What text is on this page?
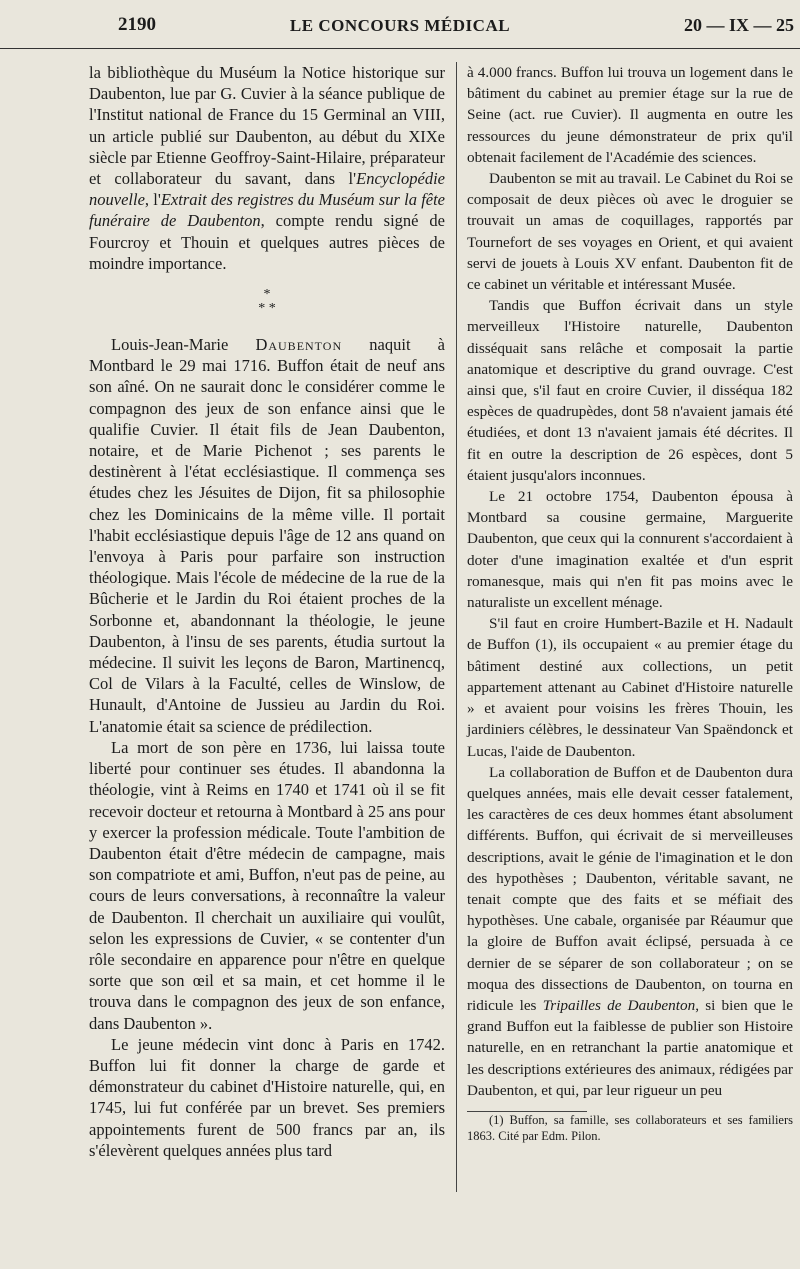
2190	LE CONCOURS MÉDICAL	20 — IX — 25

la bibliothèque du Muséum la Notice historique sur Daubenton, lue par G. Cuvier à la séance publique de l'Institut national de France du 15 Germinal an VIII, un article publié sur Daubenton, au début du XIXe siècle par Etienne Geoffroy-Saint-Hilaire, préparateur et collaborateur du savant, dans l'Encyclopédie nouvelle, l'Extrait des registres du Muséum sur la fête funéraire de Daubenton, compte rendu signé de Fourcroy et Thouin et quelques autres pièces de moindre importance.

*
* *

Louis-Jean-Marie Daubenton naquit à Montbard le 29 mai 1716. Buffon était de neuf ans son aîné. On ne saurait donc le considérer comme le compagnon des jeux de son enfance ainsi que le qualifie Cuvier. Il était fils de Jean Daubenton, notaire, et de Marie Pichenot ; ses parents le destinèrent à l'état ecclésiastique. Il commença ses études chez les Jésuites de Dijon, fit sa philosophie chez les Dominicains de la même ville. Il portait l'habit ecclésiastique depuis l'âge de 12 ans quand on l'envoya à Paris pour parfaire son instruction théologique. Mais l'école de médecine de la rue de la Bûcherie et le Jardin du Roi étaient proches de la Sorbonne et, abandonnant la théologie, le jeune Daubenton, à l'insu de ses parents, étudia surtout la médecine. Il suivit les leçons de Baron, Martinencq, Col de Vilars à la Faculté, celles de Winslow, de Hunault, d'Antoine de Jussieu au Jardin du Roi. L'anatomie était sa science de prédilection.

La mort de son père en 1736, lui laissa toute liberté pour continuer ses études. Il abandonna la théologie, vint à Reims en 1740 et 1741 où il se fit recevoir docteur et retourna à Montbard à 25 ans pour y exercer la profession médicale. Toute l'ambition de Daubenton était d'être médecin de campagne, mais son compatriote et ami, Buffon, n'eut pas de peine, au cours de leurs conversations, à reconnaître la valeur de Daubenton. Il cherchait un auxiliaire qui voulût, selon les expressions de Cuvier, « se contenter d'un rôle secondaire en apparence pour n'être en quelque sorte que son œil et sa main, et cet homme il le trouva dans le compagnon des jeux de son enfance, dans Daubenton ».

Le jeune médecin vint donc à Paris en 1742. Buffon lui fit donner la charge de garde et démonstrateur du cabinet d'Histoire naturelle, qui, en 1745, lui fut conférée par un brevet. Ses premiers appointements furent de 500 francs par an, ils s'élevèrent quelques années plus tard

à 4.000 francs. Buffon lui trouva un logement dans le bâtiment du cabinet au premier étage sur la rue de Seine (act. rue Cuvier). Il augmenta en outre les ressources du jeune démonstrateur de prix qu'il obtenait facilement de l'Académie des sciences.

Daubenton se mit au travail. Le Cabinet du Roi se composait de deux pièces où avec le droguier se trouvait un amas de coquillages, rapportés par Tournefort de ses voyages en Orient, et qui avaient servi de jouets à Louis XV enfant. Daubenton fit de ce cabinet un véritable et intéressant Musée.

Tandis que Buffon écrivait dans un style merveilleux l'Histoire naturelle, Daubenton disséquait sans relâche et composait la partie anatomique et descriptive du grand ouvrage. C'est ainsi que, s'il faut en croire Cuvier, il disséqua 182 espèces de quadrupèdes, dont 58 n'avaient jamais été étudiées, et dont 13 n'avaient jamais été décrites. Il fit en outre la description de 26 espèces, dont 5 étaient jusqu'alors inconnues.

Le 21 octobre 1754, Daubenton épousa à Montbard sa cousine germaine, Marguerite Daubenton, que ceux qui la connurent s'accordaient à doter d'une imagination exaltée et d'un esprit romanesque, mais qui n'en fit pas moins avec le naturaliste un excellent ménage.

S'il faut en croire Humbert-Bazile et H. Nadault de Buffon (1), ils occupaient « au premier étage du bâtiment destiné aux collections, un petit appartement attenant au Cabinet d'Histoire naturelle » et avaient pour voisins les frères Thouin, les jardiniers célèbres, le dessinateur Van Spaëndonck et Lucas, l'aide de Daubenton.

La collaboration de Buffon et de Daubenton dura quelques années, mais elle devait cesser fatalement, les caractères de ces deux hommes étant absolument différents. Buffon, qui écrivait de si merveilleuses descriptions, avait le génie de l'imagination et le don des hypothèses ; Daubenton, véritable savant, ne tenait compte que des faits et se méfiait des hypothèses. Une cabale, organisée par Réaumur que la gloire de Buffon avait éclipsé, persuada à ce dernier de se séparer de son collaborateur ; on se moqua des dissections de Daubenton, on tourna en ridicule les Tripailles de Daubenton, si bien que le grand Buffon eut la faiblesse de publier son Histoire naturelle, en en retranchant la partie anatomique et les descriptions extérieures des animaux, rédigées par Daubenton, et qui, par leur rigueur un peu

(1) Buffon, sa famille, ses collaborateurs et ses familiers 1863. Cité par Edm. Pilon.
